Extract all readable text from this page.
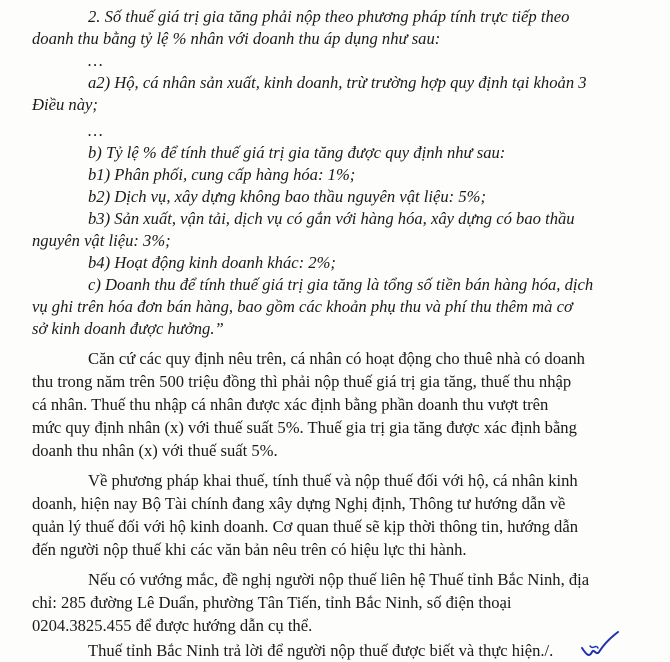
2. Số thuế giá trị gia tăng phải nộp theo phương pháp tính trực tiếp theo
doanh thu bằng tỷ lệ % nhân với doanh thu áp dụng như sau:
…
a2) Hộ, cá nhân sản xuất, kinh doanh, trừ trường hợp quy định tại khoản 3
Điều này;
…
b) Tỷ lệ % để tính thuế giá trị gia tăng được quy định như sau:
b1) Phân phối, cung cấp hàng hóa: 1%;
b2) Dịch vụ, xây dựng không bao thầu nguyên vật liệu: 5%;
b3) Sản xuất, vận tải, dịch vụ có gắn với hàng hóa, xây dựng có bao thầu
nguyên vật liệu: 3%;
b4) Hoạt động kinh doanh khác: 2%;
c) Doanh thu để tính thuế giá trị gia tăng là tổng số tiền bán hàng hóa, dịch
vụ ghi trên hóa đơn bán hàng, bao gồm các khoản phụ thu và phí thu thêm mà cơ
sở kinh doanh được hưởng.”
Căn cứ các quy định nêu trên, cá nhân có hoạt động cho thuê nhà có doanh
thu trong năm trên 500 triệu đồng thì phải nộp thuế giá trị gia tăng, thuế thu nhập
cá nhân. Thuế thu nhập cá nhân được xác định bằng phần doanh thu vượt trên
mức quy định nhân (x) với thuế suất 5%. Thuế gia trị gia tăng được xác định bằng
doanh thu nhân (x) với thuế suất 5%.
Về phương pháp khai thuế, tính thuế và nộp thuế đối với hộ, cá nhân kinh
doanh, hiện nay Bộ Tài chính đang xây dựng Nghị định, Thông tư hướng dẫn về
quản lý thuế đối với hộ kinh doanh. Cơ quan thuế sẽ kịp thời thông tin, hướng dẫn
đến người nộp thuế khi các văn bản nêu trên có hiệu lực thi hành.
Nếu có vướng mắc, đề nghị người nộp thuế liên hệ Thuế tỉnh Bắc Ninh, địa
chỉ: 285 đường Lê Duẩn, phường Tân Tiến, tỉnh Bắc Ninh, số điện thoại
0204.3825.455 để được hướng dẫn cụ thể.
Thuế tỉnh Bắc Ninh trả lời để người nộp thuế được biết và thực hiện./.
